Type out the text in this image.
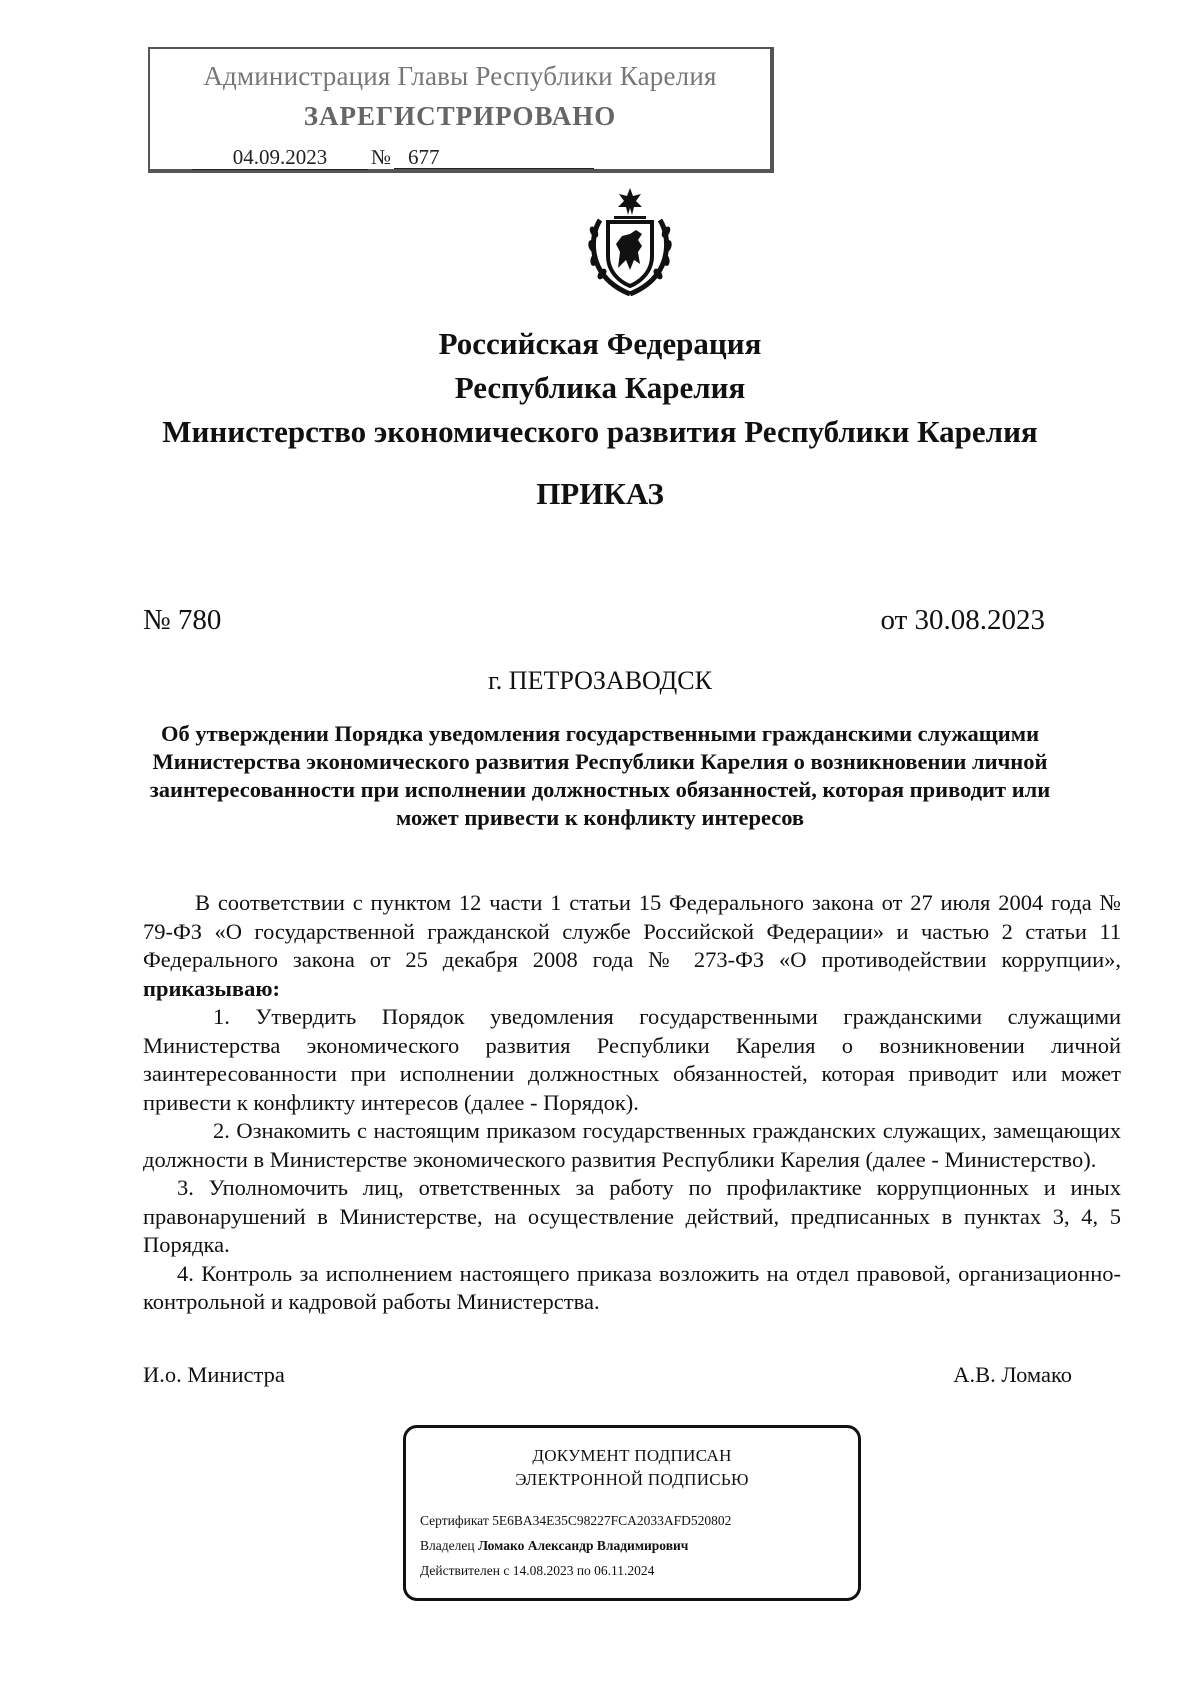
Администрация Главы Республики Карелия
ЗАРЕГИСТРИРОВАНО
04.09.2023 № 677
Российская Федерация
Республика Карелия
Министерство экономического развития Республики Карелия
ПРИКАЗ
№ 780	от 30.08.2023
г. ПЕТРОЗАВОДСК
Об утверждении Порядка уведомления государственными гражданскими служащими Министерства экономического развития Республики Карелия о возникновении личной заинтересованности при исполнении должностных обязанностей, которая приводит или может привести к конфликту интересов

В соответствии с пунктом 12 части 1 статьи 15 Федерального закона от 27 июля 2004 года № 79-ФЗ «О государственной гражданской службе Российской Федерации» и частью 2 статьи 11 Федерального закона от 25 декабря 2008 года № 273-ФЗ «О противодействии коррупции», приказываю:

1. Утвердить Порядок уведомления государственными гражданскими служащими Министерства экономического развития Республики Карелия о возникновении личной заинтересованности при исполнении должностных обязанностей, которая приводит или может привести к конфликту интересов (далее - Порядок).

2. Ознакомить с настоящим приказом государственных гражданских служащих, замещающих должности в Министерстве экономического развития Республики Карелия (далее - Министерство).

3. Уполномочить лиц, ответственных за работу по профилактике коррупционных и иных правонарушений в Министерстве, на осуществление действий, предписанных в пунктах 3, 4, 5 Порядка.

4. Контроль за исполнением настоящего приказа возложить на отдел правовой, организационно-контрольной и кадровой работы Министерства.

И.о. Министра	А.В. Ломако
ДОКУМЕНТ ПОДПИСАН
ЭЛЕКТРОННОЙ ПОДПИСЬЮ
Сертификат 5E6BA34E35C98227FCA2033AFD520802
Владелец Ломако Александр Владимирович
Действителен с 14.08.2023 по 06.11.2024
